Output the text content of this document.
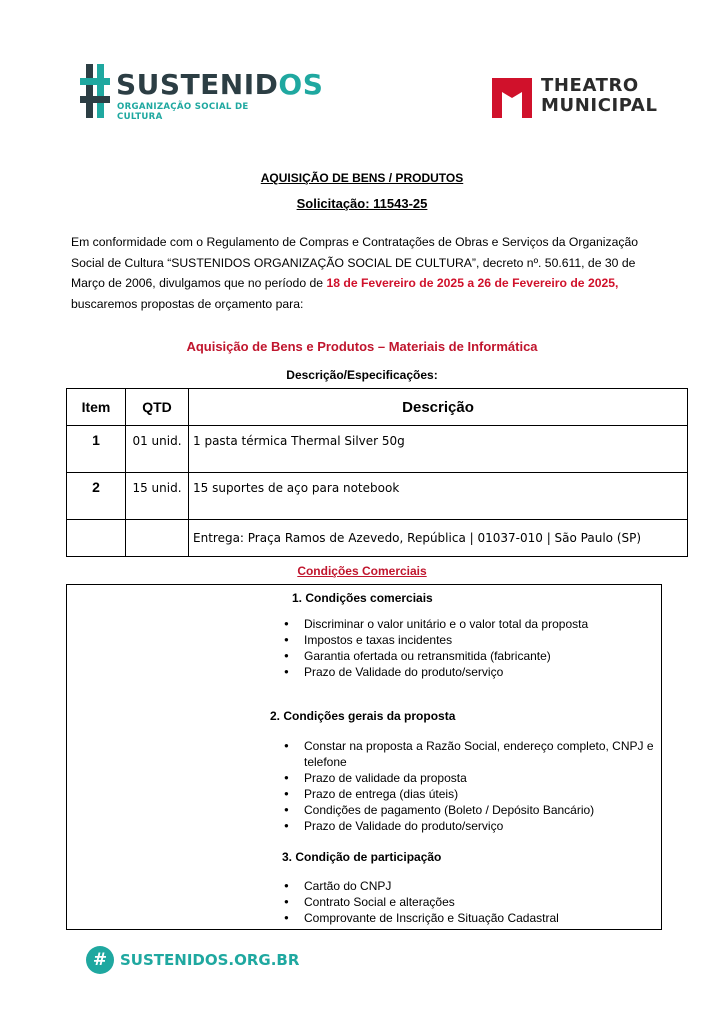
SUSTENIDOS
ORGANIZAÇÃO SOCIAL DE CULTURA
THEATRO
MUNICIPAL
AQUISIÇÃO DE BENS / PRODUTOS
Solicitação: 11543-25
Em conformidade com o Regulamento de Compras e Contratações de Obras e Serviços da Organização Social de Cultura “SUSTENIDOS ORGANIZAÇÃO SOCIAL DE CULTURA”, decreto nº. 50.611, de 30 de Março de 2006, divulgamos que no período de 18 de Fevereiro de 2025 a 26 de Fevereiro de 2025, buscaremos propostas de orçamento para:
Aquisição de Bens e Produtos – Materiais de Informática
Descrição/Especificações:
Item	QTD	Descrição
1	01 unid.	1 pasta térmica Thermal Silver 50g
2	15 unid.	15 suportes de aço para notebook
		Entrega: Praça Ramos de Azevedo, República | 01037-010 | São Paulo (SP)
Condições Comerciais
1. Condições comerciais
● Discriminar o valor unitário e o valor total da proposta
● Impostos e taxas incidentes
● Garantia ofertada ou retransmitida (fabricante)
● Prazo de Validade do produto/serviço
2. Condições gerais da proposta
● Constar na proposta a Razão Social, endereço completo, CNPJ e telefone
● Prazo de validade da proposta
● Prazo de entrega (dias úteis)
● Condições de pagamento (Boleto / Depósito Bancário)
● Prazo de Validade do produto/serviço
3. Condição de participação
● Cartão do CNPJ
● Contrato Social e alterações
● Comprovante de Inscrição e Situação Cadastral
# SUSTENIDOS.ORG.BR
